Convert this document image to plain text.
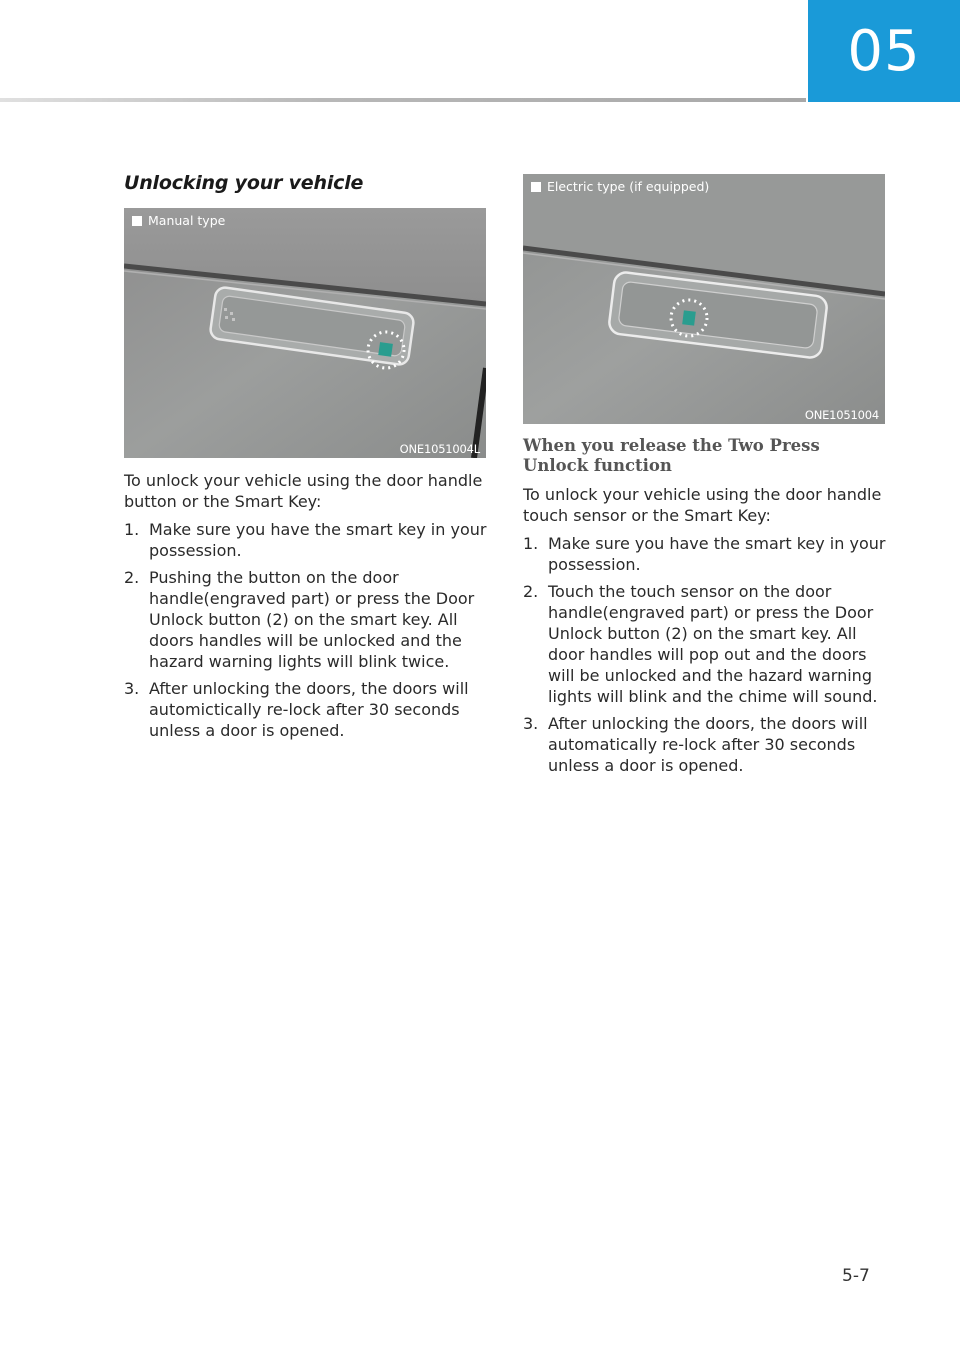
05
Unlocking your vehicle
Manual type
ONE1051004L

To unlock your vehicle using the door handle button or the Smart Key:

1. Make sure you have the smart key in your possession.
2. Pushing the button on the door handle(engraved part) or press the Door Unlock button (2) on the smart key. All doors handles will be unlocked and the hazard warning lights will blink twice.
3. After unlocking the doors, the doors will automictically re-lock after 30 seconds unless a door is opened.
Electric type (if equipped)
ONE1051004
When you release the Two Press Unlock function

To unlock your vehicle using the door handle touch sensor or the Smart Key:

1. Make sure you have the smart key in your possession.
2. Touch the touch sensor on the door handle(engraved part) or press the Door Unlock button (2) on the smart key. All door handles will pop out and the doors will be unlocked and the hazard warning lights will blink and the chime will sound.
3. After unlocking the doors, the doors will automatically re-lock after 30 seconds unless a door is opened.
5-7
